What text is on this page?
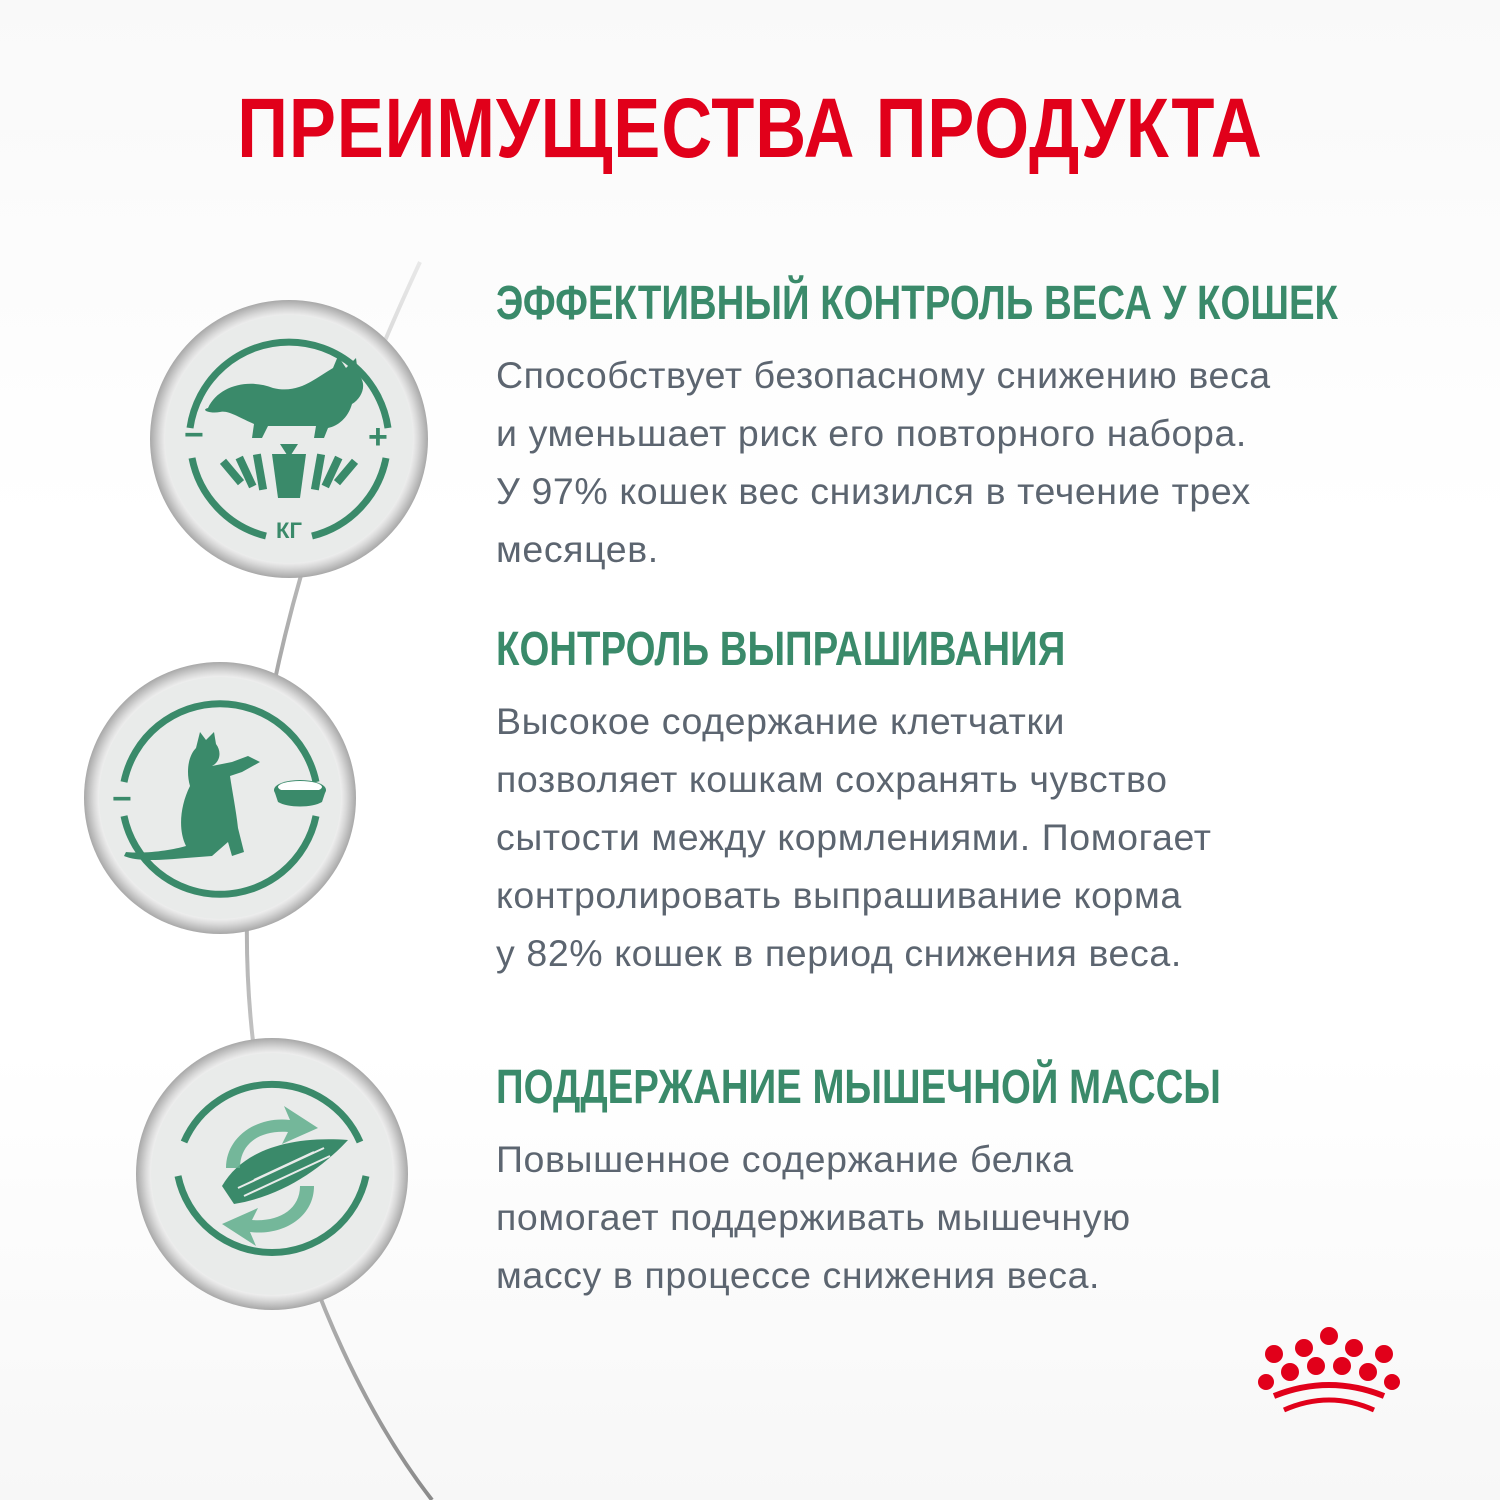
ПРЕИМУЩЕСТВА ПРОДУКТА
−	+
КГ
−
ЭФФЕКТИВНЫЙ КОНТРОЛЬ ВЕСА У КОШЕК

Способствует безопасному снижению веса
и уменьшает риск его повторного набора.
У 97% кошек вес снизился в течение трех
месяцев.

КОНТРОЛЬ ВЫПРАШИВАНИЯ

Высокое содержание клетчатки
позволяет кошкам сохранять чувство
сытости между кормлениями. Помогает
контролировать выпрашивание корма
у 82% кошек в период снижения веса.

ПОДДЕРЖАНИЕ МЫШЕЧНОЙ МАССЫ

Повышенное содержание белка
помогает поддерживать мышечную
массу в процессе снижения веса.
